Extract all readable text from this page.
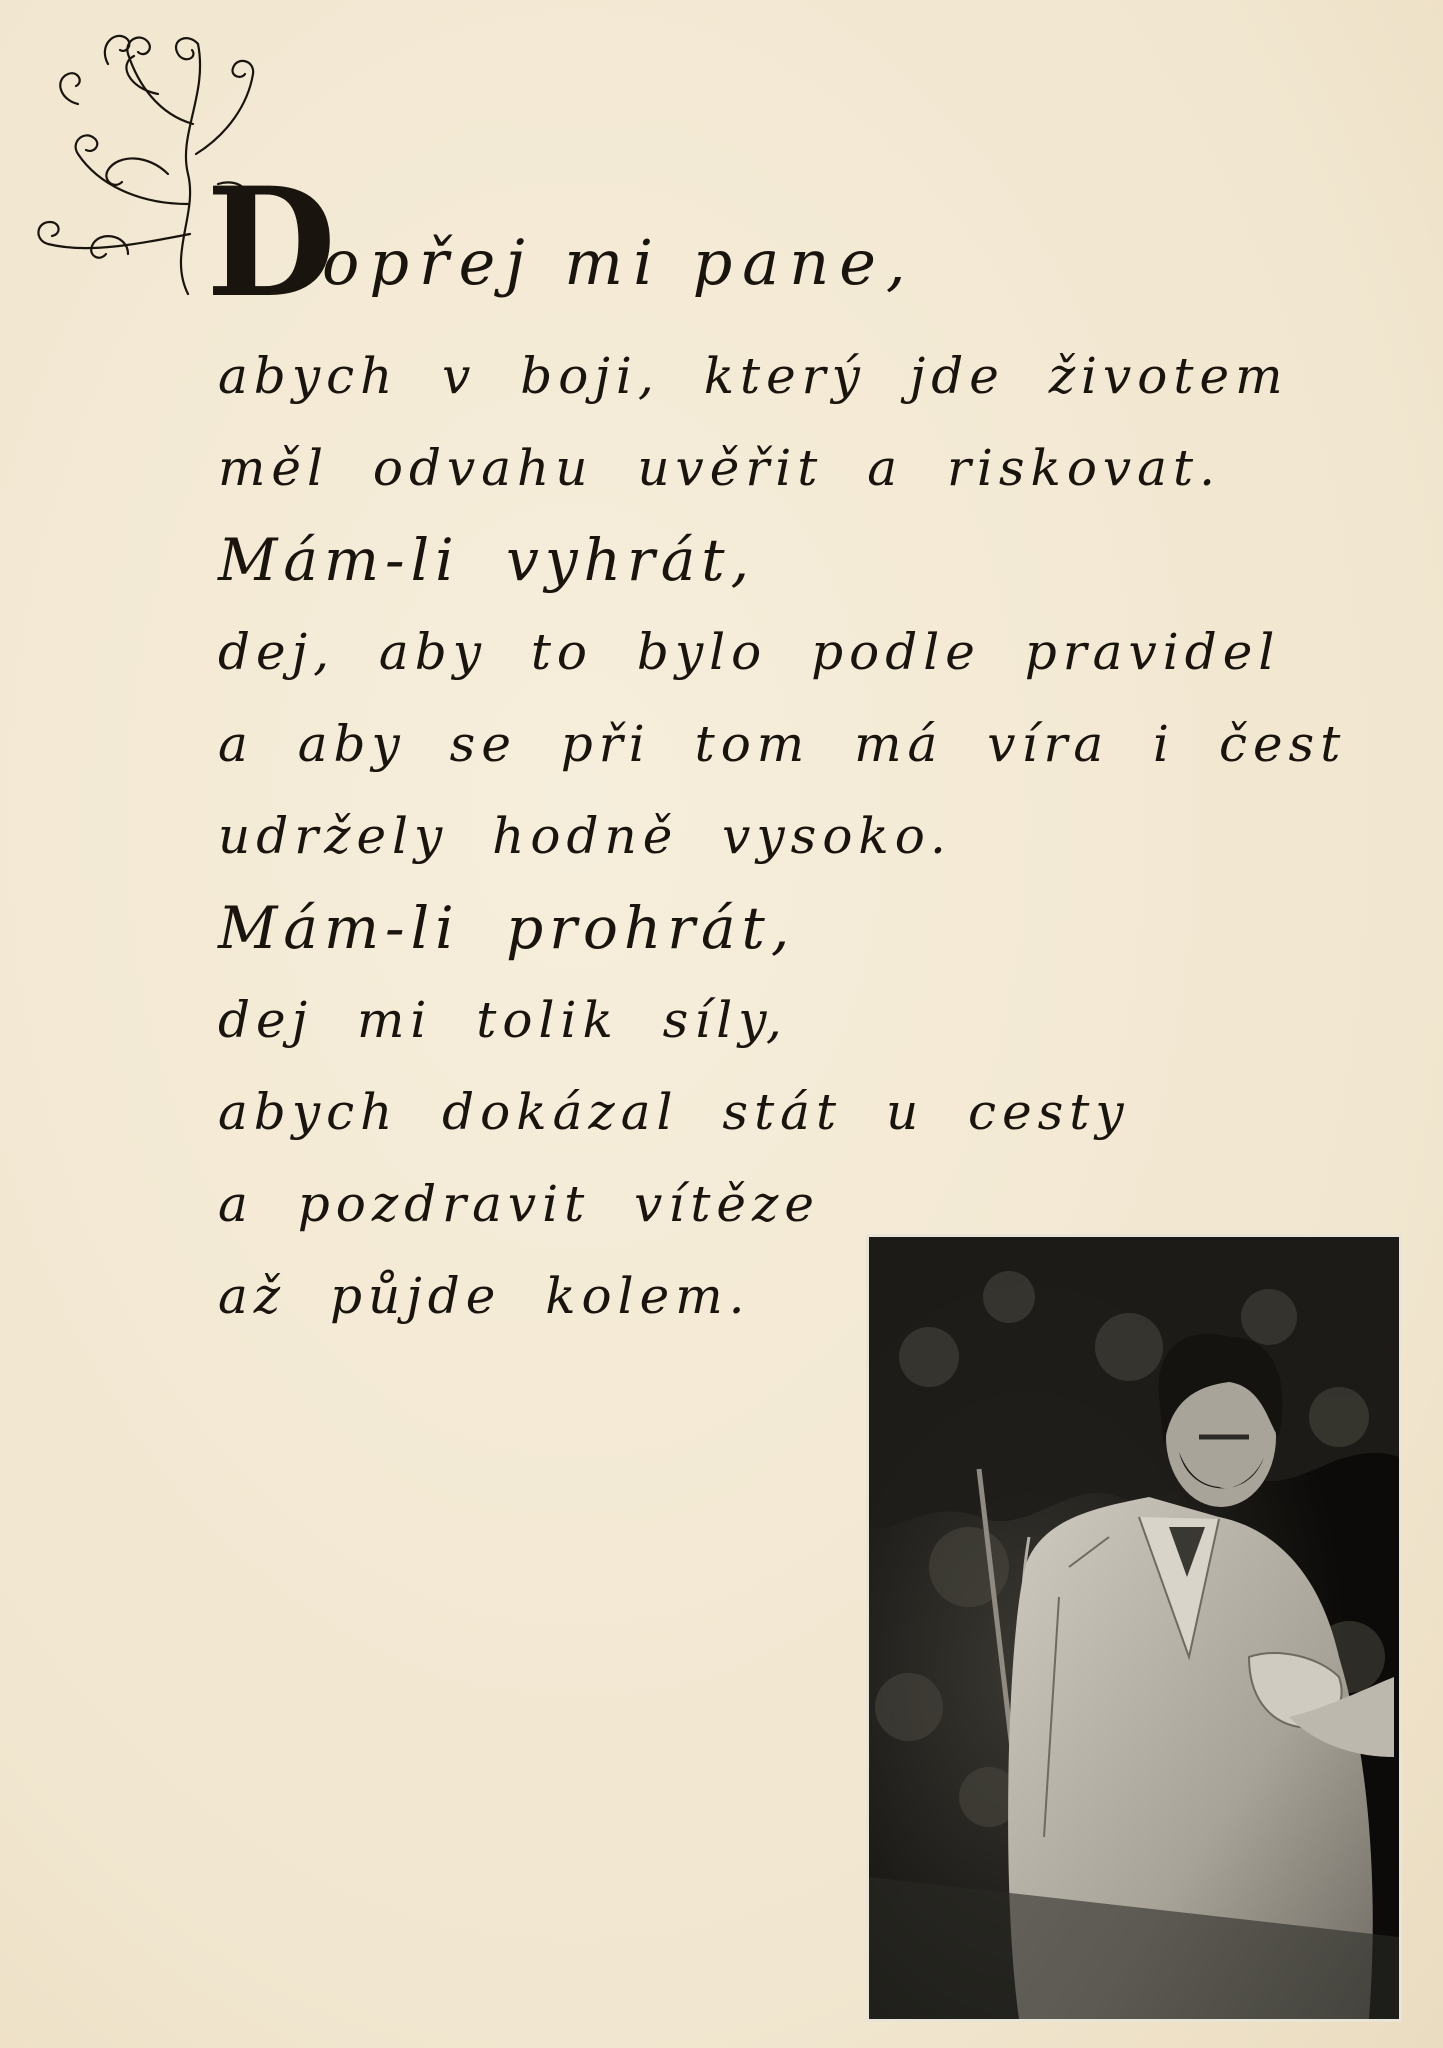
D
opřej mi pane,
abych v boji, který jde životem
měl odvahu uvěřit a riskovat.
Mám-li vyhrát,
dej, aby to bylo podle pravidel
a aby se při tom má víra i čest
udržely hodně vysoko.
Mám-li prohrát,
dej mi tolik síly,
abych dokázal stát u cesty
a pozdravit vítěze
až půjde kolem.
